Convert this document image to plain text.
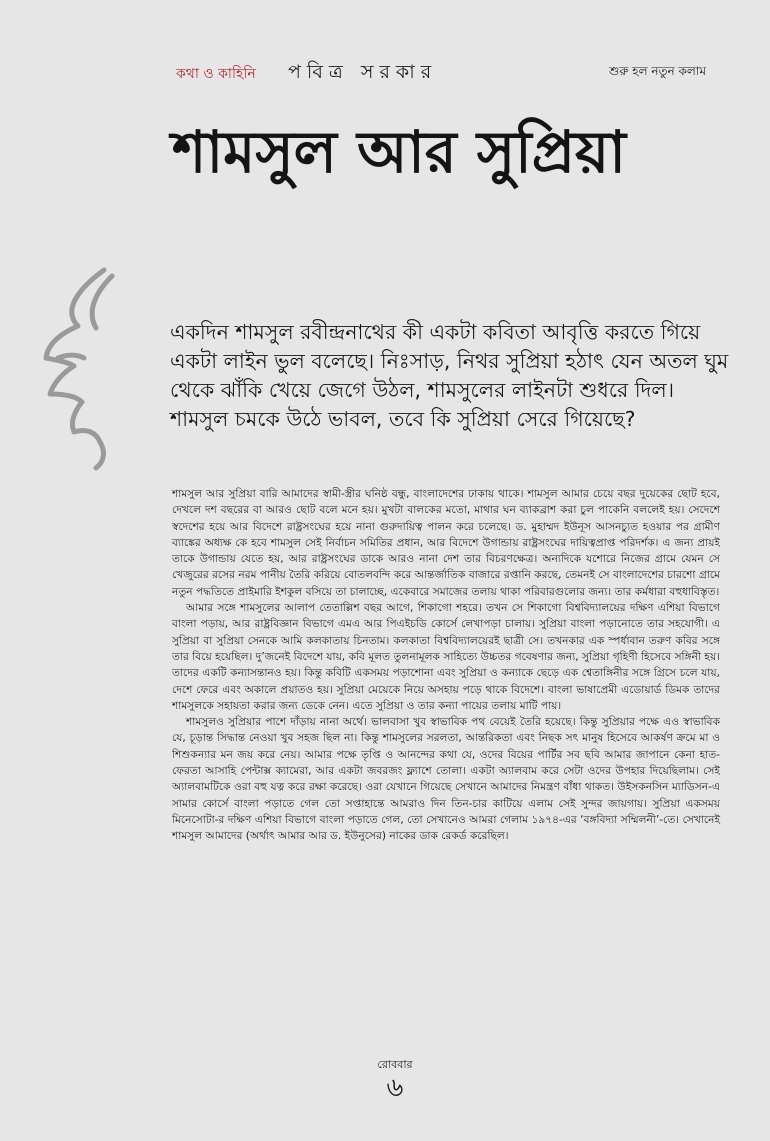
কথা ও কাহিনি পবিত্র সরকার	শুরু হল নতুন কলাম
শামসুল আর সুপ্রিয়া

একদিন শামসুল রবীন্দ্রনাথের কী একটা কবিতা আবৃত্তি করতে গিয়ে একটা লাইন ভুল বলেছে। নিঃসাড়, নিথর সুপ্রিয়া হঠাৎ যেন অতল ঘুম থেকে ঝাঁকি খেয়ে জেগে উঠল, শামসুলের লাইনটা শুধরে দিল। শামসুল চমকে উঠে ভাবল, তবে কি সুপ্রিয়া সেরে গিয়েছে?

শামসুল আর সুপ্রিয়া বারি আমাদের স্বামী-স্ত্রীর ঘনিষ্ঠ বন্ধু, বাংলাদেশের ঢাকায় থাকে। শামসুল আমার চেয়ে বছর দুয়েকের ছোট হবে, দেখলে দশ বছরের বা আরও ছোট বলে মনে হয়। মুখটা বালকের মতো, মাথার ঘন ব্যাকব্রাশ করা চুল পাকেনি বললেই হয়। সেদেশে স্বদেশের হয়ে আর বিদেশে রাষ্ট্রসংঘের হয়ে নানা গুরুদায়িত্ব পালন করে চলেছে। ড. মুহাম্মদ ইউনূস আসনচ্যুত হওয়ার পর গ্রামীণ ব্যাঙ্কের অধ্যক্ষ কে হবে শামসুল সেই নির্বাচন সমিতির প্রধান, আর বিদেশে উগান্ডায় রাষ্ট্রসংঘের দায়িত্বপ্রাপ্ত পরিদর্শক। এ জন্য প্রায়ই তাকে উগান্ডায় যেতে হয়, আর রাষ্ট্রসংঘের ডাকে আরও নানা দেশ তার বিচরণক্ষেত্র। অন্যদিকে যশোরে নিজের গ্রামে যেমন সে খেজুরের রসের নরম পানীয় তৈরি করিয়ে বোতলবন্দি করে আন্তর্জাতিক বাজারে রপ্তানি করছে, তেমনই সে বাংলাদেশের চারশো গ্রামে নতুন পদ্ধতিতে প্রাইমারি ইশকুল বসিয়ে তা চালাচ্ছে, একেবারে সমাজের তলায় থাকা পরিবারগুলোর জন্য। তার কর্মধারা বহুধাবিস্তৃত।

আমার সঙ্গে শামসুলের আলাপ তেতাল্লিশ বছর আগে, শিকাগো শহরে। তখন সে শিকাগো বিশ্ববিদ্যালয়ের দক্ষিণ এশিয়া বিভাগে বাংলা পড়ায়, আর রাষ্ট্রবিজ্ঞান বিভাগে এমএ আর পিএইচডি কোর্সে লেখাপড়া চালায়। সুপ্রিয়া বাংলা পড়ানোতে তার সহযোগী। এ সুপ্রিয়া বা সুপ্রিয়া সেনকে আমি কলকাতায় চিনতাম। কলকাতা বিশ্ববিদ্যালয়েরই ছাত্রী সে। তখনকার এক স্পর্ধাবান তরুণ কবির সঙ্গে তার বিয়ে হয়েছিল। দু’জনেই বিদেশে যায়, কবি মূলত তুলনামূলক সাহিত্যে উচ্চতর গবেষণার জন্য, সুপ্রিয়া গৃহিণী হিসেবে সঙ্গিনী হয়। তাদের একটি কন্যাসন্তানও হয়। কিন্তু কবিটি একসময় পড়াশোনা এবং সুপ্রিয়া ও কন্যাকে ছেড়ে এক শ্বেতাঙ্গিনীর সঙ্গে গ্রিসে চলে যায়, দেশে ফেরে এবং অকালে প্রয়াতও হয়। সুপ্রিয়া মেয়েকে নিয়ে অসহায় পড়ে থাকে বিদেশে। বাংলা ভাষাপ্রেমী এডোয়ার্ড ডিমক তাদের শামসুলকে সহায়তা করার জন্য ডেকে নেন। এতে সুপ্রিয়া ও তার কন্যা পায়ের তলায় মাটি পায়।

শামসুলও সুপ্রিয়ার পাশে দাঁড়ায় নানা অর্থে। ভালবাসা খুব স্বাভাবিক পথ বেয়েই তৈরি হয়েছে। কিন্তু সুপ্রিয়ার পক্ষে এও স্বাভাবিক যে, চূড়ান্ত সিদ্ধান্ত নেওয়া খুব সহজ ছিল না। কিন্তু শামসুলের সরলতা, আন্তরিকতা এবং নিছক সৎ মানুষ হিসেবে আকর্ষণ ক্রমে মা ও শিশুকন্যার মন জয় করে নেয়। আমার পক্ষে তৃপ্তি ও আনন্দের কথা যে, ওদের বিয়ের পার্টির সব ছবি আমার জাপানে কেনা হাত-ফেরতা আসাহি পেন্টাক্স ক্যামেরা, আর একটা জবরজং ফ্ল্যাশে তোলা। একটা অ্যালবাম করে সেটা ওদের উপহার দিয়েছিলাম। সেই অ্যালবামটিকে ওরা বহু যত্ন করে রক্ষা করেছে। ওরা যেখানে গিয়েছে সেখানে আমাদের নিমন্ত্রণ বাঁধা থাকত। উইসকনসিন ম্যাডিসন-এ সামার কোর্সে বাংলা পড়াতে গেল তো সপ্তাহান্তে আমরাও দিন তিন-চার কাটিয়ে এলাম সেই সুন্দর জায়গায়। সুপ্রিয়া একসময় মিনেসোটা-র দক্ষিণ এশিয়া বিভাগে বাংলা পড়াতে গেল, তো সেখানেও আমরা গেলাম ১৯৭৪-এর ‘বঙ্গবিদ্যা সম্মিলনী’-তে। সেখানেই শামসুল আমাদের (অর্থাৎ আমার আর ড. ইউনুসের) নাকের ডাক রেকর্ড করেছিল।

রোববার
৬
